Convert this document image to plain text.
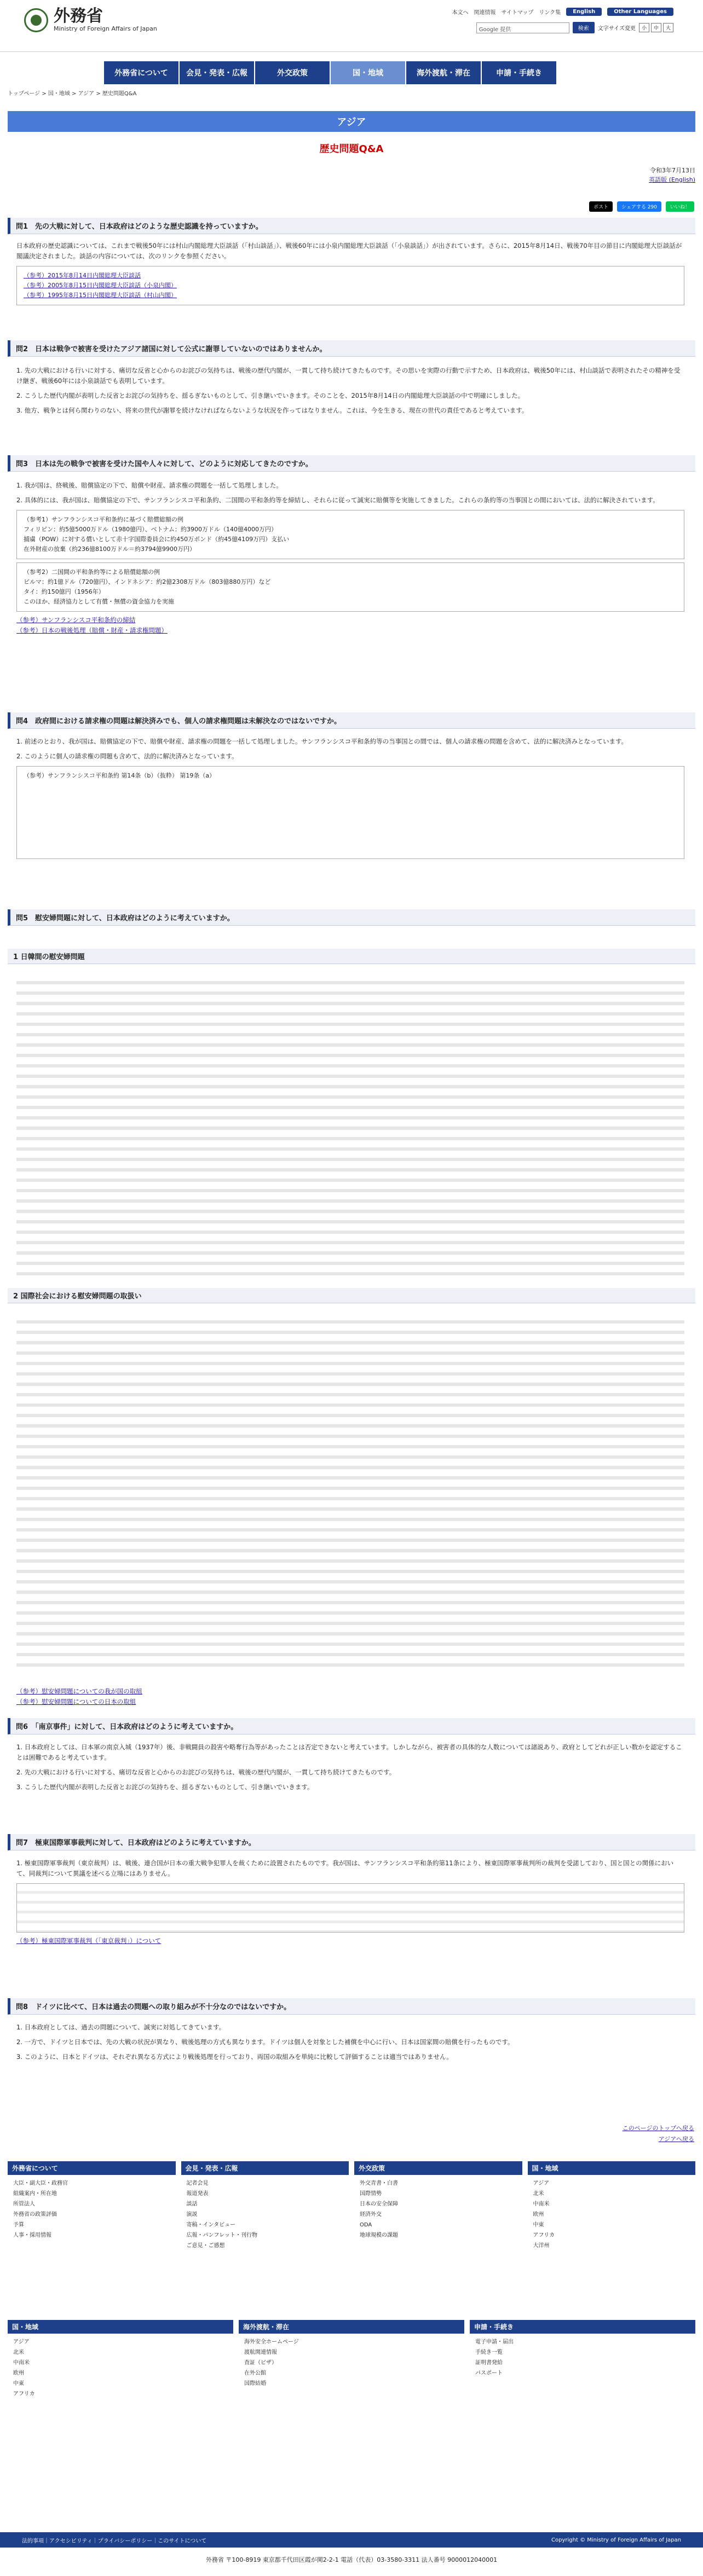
外務省
Ministry of Foreign Affairs of Japan
本文へ 関連情報 サイトマップ リンク集	English	Other Languages
Google 提供	検索	文字サイズ変更	小	中	大
外務省について	会見・発表・広報	外交政策	国・地域	海外渡航・滞在	申請・手続き
トップページ > 国・地域 > アジア > 歴史問題Q&A
アジア
歴史問題Q&A
令和3年7月13日
英語版 (English)
ポスト	シェアする 290	いいね！
問1　先の大戦に対して、日本政府はどのような歴史認識を持っていますか。

日本政府の歴史認識については、これまで戦後50年には村山内閣総理大臣談話（「村山談話」）、戦後60年には小泉内閣総理大臣談話（「小泉談話」）が出されています。さらに、2015年8月14日、戦後70年目の節目に内閣総理大臣談話が閣議決定されました。談話の内容については、次のリンクを参照ください。

（参考）2015年8月14日内閣総理大臣談話
（参考）2005年8月15日内閣総理大臣談話（小泉内閣）
（参考）1995年8月15日内閣総理大臣談話（村山内閣）
問2　日本は戦争で被害を受けたアジア諸国に対して公式に謝罪していないのではありませんか。

1. 先の大戦における行いに対する、痛切な反省と心からのお詫びの気持ちは、戦後の歴代内閣が、一貫して持ち続けてきたものです。その思いを実際の行動で示すため、日本政府は、戦後50年には、村山談話で表明されたその精神を受け継ぎ、戦後60年には小泉談話でも表明しています。

2. こうした歴代内閣が表明した反省とお詫びの気持ちを、揺るぎないものとして、引き継いでいきます。そのことを、2015年8月14日の内閣総理大臣談話の中で明確にしました。

3. 他方、戦争とは何ら関わりのない、将来の世代が謝罪を続けなければならないような状況を作ってはなりません。これは、今を生きる、現在の世代の責任であると考えています。

問3　日本は先の戦争で被害を受けた国や人々に対して、どのように対応してきたのですか。

1. 我が国は、終戦後、賠償協定の下で、賠償や財産、請求権の問題を一括して処理しました。

2. 具体的には、我が国は、賠償協定の下で、サンフランシスコ平和条約、二国間の平和条約等を締結し、それらに従って誠実に賠償等を実施してきました。これらの条約等の当事国との間においては、法的に解決されています。

（参考1）サンフランシスコ平和条約に基づく賠償総額の例
フィリピン：約5億5000万ドル（1980億円）、ベトナム：約3900万ドル（140億4000万円）
捕虜（POW）に対する償いとして赤十字国際委員会に約450万ポンド（約45億4109万円）支払い
在外財産の放棄（約236億8100万ドル＝約3794億9900万円）
（参考2）二国間の平和条約等による賠償総額の例
ビルマ：約1億ドル（720億円）、インドネシア：約2億2308万ドル（803億880万円）など
タイ：約150億円（1956年）
このほか、経済協力として有償・無償の資金協力を実施
（参考）サンフランシスコ平和条約の締結
（参考）日本の戦後処理（賠償・財産・請求権問題）
問4　政府間における請求権の問題は解決済みでも、個人の請求権問題は未解決なのではないですか。

1. 前述のとおり、我が国は、賠償協定の下で、賠償や財産、請求権の問題を一括して処理しました。サンフランシスコ平和条約等の当事国との間では、個人の請求権の問題を含めて、法的に解決済みとなっています。

2. このように個人の請求権の問題も含めて、法的に解決済みとなっています。

（参考）サンフランシスコ平和条約 第14条（b）（抜粋） 第19条（a）
問5　慰安婦問題に対して、日本政府はどのように考えていますか。
1 日韓間の慰安婦問題
2 国際社会における慰安婦問題の取扱い
（参考）慰安婦問題についての我が国の取組
（参考）慰安婦問題についての日本の取組
問6　「南京事件」に対して、日本政府はどのように考えていますか。

1. 日本政府としては、日本軍の南京入城（1937年）後、非戦闘員の殺害や略奪行為等があったことは否定できないと考えています。しかしながら、被害者の具体的な人数については諸説あり、政府としてどれが正しい数かを認定することは困難であると考えています。

2. 先の大戦における行いに対する、痛切な反省と心からのお詫びの気持ちは、戦後の歴代内閣が、一貫して持ち続けてきたものです。

3. こうした歴代内閣が表明した反省とお詫びの気持ちを、揺るぎないものとして、引き継いでいきます。

問7　極東国際軍事裁判に対して、日本政府はどのように考えていますか。

1. 極東国際軍事裁判（東京裁判）は、戦後、連合国が日本の重大戦争犯罪人を裁くために設置されたものです。我が国は、サンフランシスコ平和条約第11条により、極東国際軍事裁判所の裁判を受諾しており、国と国との関係において、同裁判について異議を述べる立場にはありません。

（参考）極東国際軍事裁判（「東京裁判」）について
問8　ドイツに比べて、日本は過去の問題への取り組みが不十分なのではないですか。

1. 日本政府としては、過去の問題について、誠実に対処してきています。

2. 一方で、ドイツと日本では、先の大戦の状況が異なり、戦後処理の方式も異なります。ドイツは個人を対象とした補償を中心に行い、日本は国家間の賠償を行ったものです。

3. このように、日本とドイツは、それぞれ異なる方式により戦後処理を行っており、両国の取組みを単純に比較して評価することは適当ではありません。

このページのトップへ戻る
アジアへ戻る
外務省について
大臣・副大臣・政務官
組織案内・所在地
所管法人
外務省の政策評価
予算
人事・採用情報
会見・発表・広報
記者会見
報道発表
談話
演説
寄稿・インタビュー
広報・パンフレット・刊行物
ご意見・ご感想
外交政策
外交青書・白書
国際情勢
日本の安全保障
経済外交
ODA
地球規模の課題
国・地域
アジア
北米
中南米
欧州
中東
アフリカ
大洋州
国・地域
アジア
北米
中南米
欧州
中東
アフリカ
海外渡航・滞在
海外安全ホームページ
渡航関連情報
査証（ビザ）
在外公館
国際結婚
申請・手続き
電子申請・届出
手続き一覧
証明書発給
パスポート
法的事項｜アクセシビリティ｜プライバシーポリシー｜このサイトについて	Copyright © Ministry of Foreign Affairs of Japan
外務省 〒100-8919 東京都千代田区霞が関2-2-1 電話（代表）03-3580-3311 法人番号 9000012040001
